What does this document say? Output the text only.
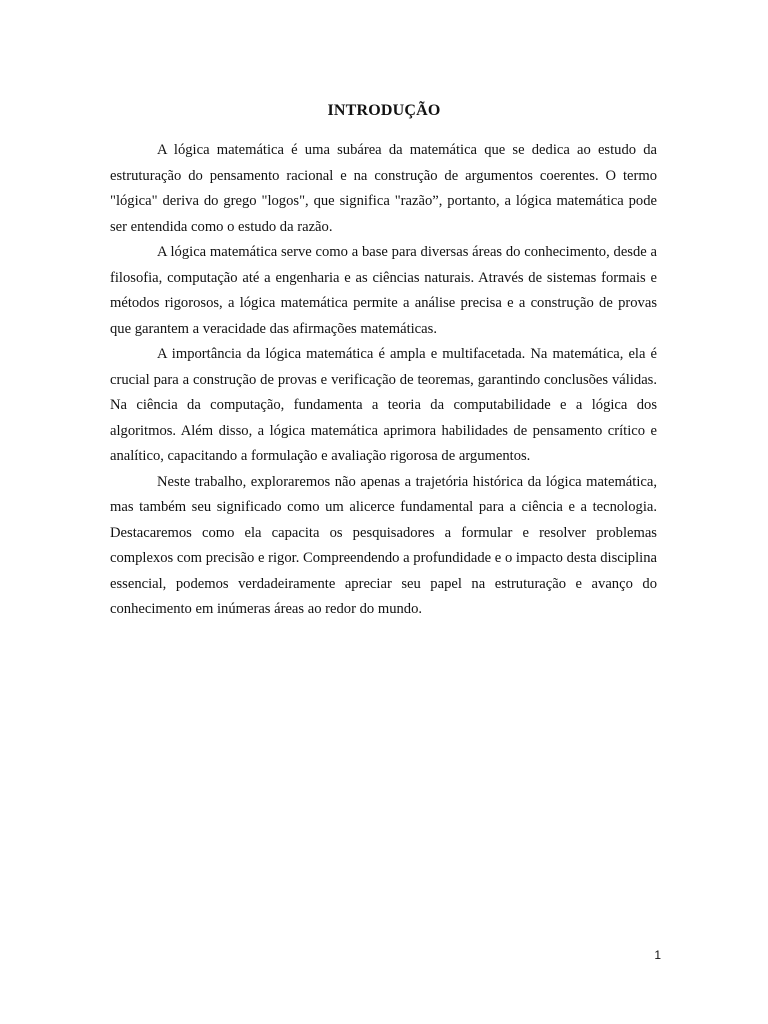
INTRODUÇÃO

A lógica matemática é uma subárea da matemática que se dedica ao estudo da estruturação do pensamento racional e na construção de argumentos coerentes. O termo "lógica" deriva do grego "logos", que significa "razão”, portanto, a lógica matemática pode ser entendida como o estudo da razão.

A lógica matemática serve como a base para diversas áreas do conhecimento, desde a filosofia, computação até a engenharia e as ciências naturais. Através de sistemas formais e métodos rigorosos, a lógica matemática permite a análise precisa e a construção de provas que garantem a veracidade das afirmações matemáticas.

A importância da lógica matemática é ampla e multifacetada. Na matemática, ela é crucial para a construção de provas e verificação de teoremas, garantindo conclusões válidas. Na ciência da computação, fundamenta a teoria da computabilidade e a lógica dos algoritmos. Além disso, a lógica matemática aprimora habilidades de pensamento crítico e analítico, capacitando a formulação e avaliação rigorosa de argumentos.

Neste trabalho, exploraremos não apenas a trajetória histórica da lógica matemática, mas também seu significado como um alicerce fundamental para a ciência e a tecnologia. Destacaremos como ela capacita os pesquisadores a formular e resolver problemas complexos com precisão e rigor. Compreendendo a profundidade e o impacto desta disciplina essencial, podemos verdadeiramente apreciar seu papel na estruturação e avanço do conhecimento em inúmeras áreas ao redor do mundo.

1
